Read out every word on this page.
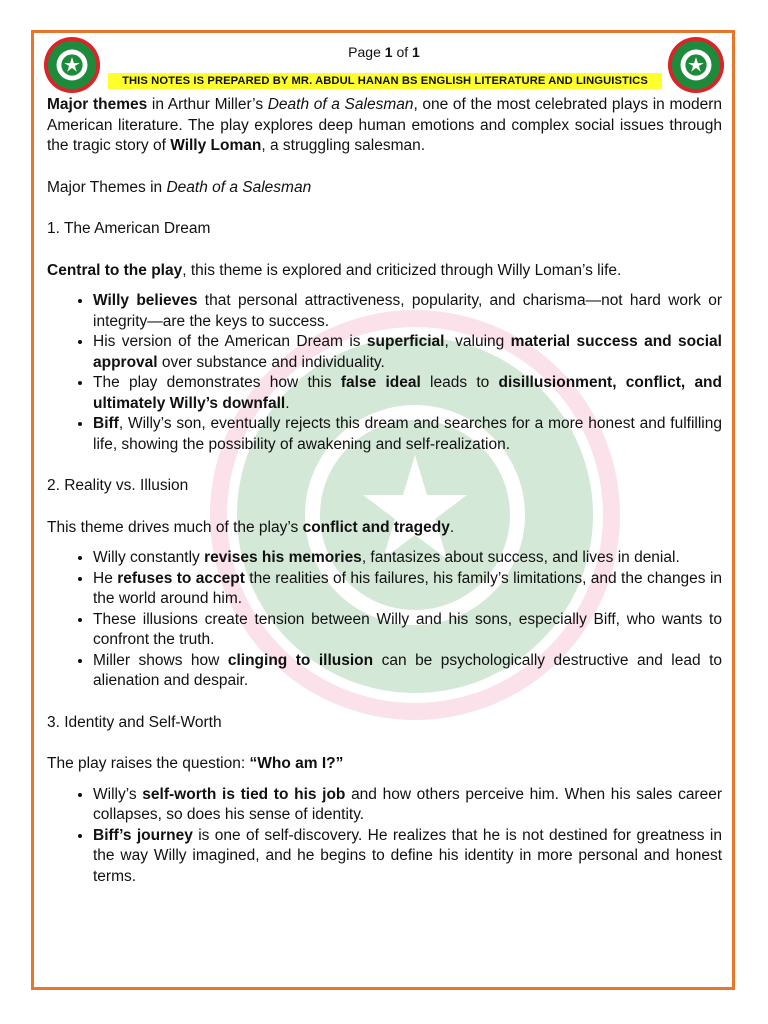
Page 1 of 1
THIS NOTES IS PREPARED BY MR. ABDUL HANAN BS ENGLISH LITERATURE AND LINGUISTICS

Major themes in Arthur Miller’s Death of a Salesman, one of the most celebrated plays in modern American literature. The play explores deep human emotions and complex social issues through the tragic story of Willy Loman, a struggling salesman.

Major Themes in Death of a Salesman

1. The American Dream

Central to the play, this theme is explored and criticized through Willy Loman’s life.

• Willy believes that personal attractiveness, popularity, and charisma—not hard work or integrity—are the keys to success.
• His version of the American Dream is superficial, valuing material success and social approval over substance and individuality.
• The play demonstrates how this false ideal leads to disillusionment, conflict, and ultimately Willy’s downfall.
• Biff, Willy’s son, eventually rejects this dream and searches for a more honest and fulfilling life, showing the possibility of awakening and self-realization.

2. Reality vs. Illusion

This theme drives much of the play’s conflict and tragedy.

• Willy constantly revises his memories, fantasizes about success, and lives in denial.
• He refuses to accept the realities of his failures, his family’s limitations, and the changes in the world around him.
• These illusions create tension between Willy and his sons, especially Biff, who wants to confront the truth.
• Miller shows how clinging to illusion can be psychologically destructive and lead to alienation and despair.

3. Identity and Self-Worth

The play raises the question: “Who am I?”

• Willy’s self-worth is tied to his job and how others perceive him. When his sales career collapses, so does his sense of identity.
• Biff’s journey is one of self-discovery. He realizes that he is not destined for greatness in the way Willy imagined, and he begins to define his identity in more personal and honest terms.
